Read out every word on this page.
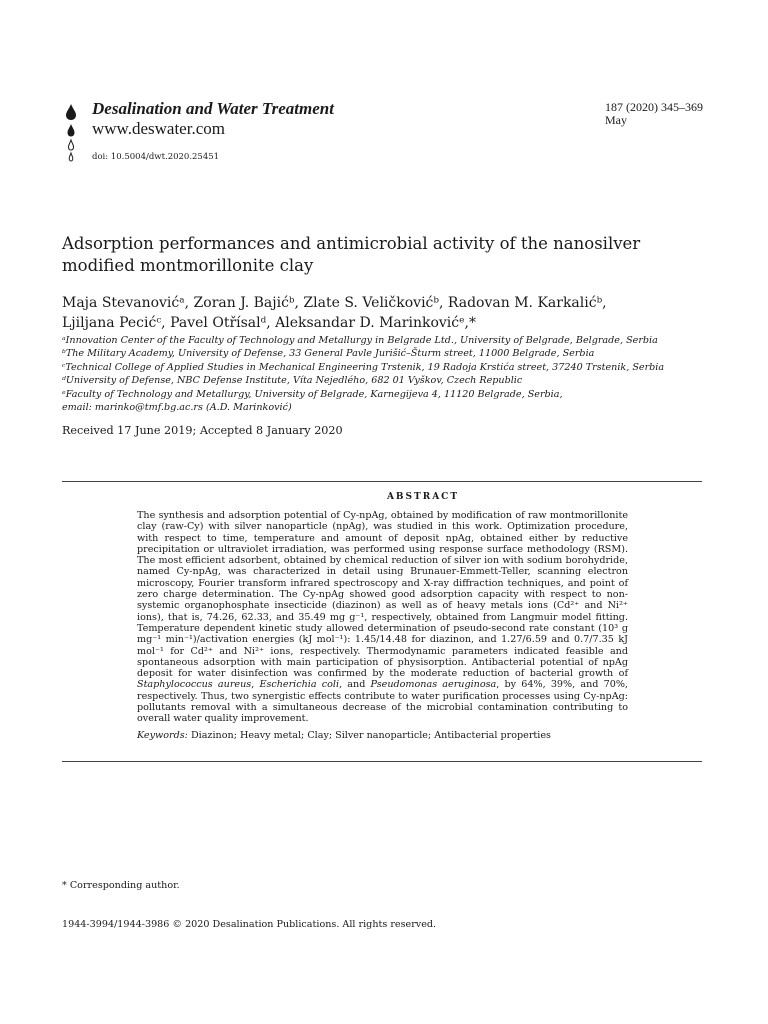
Desalination and Water Treatment
www.deswater.com
doi: 10.5004/dwt.2020.25451
187 (2020) 345–369
May
Adsorption performances and antimicrobial activity of the nanosilver
modified montmorillonite clay
Maja Stevanovićᵃ, Zoran J. Bajićᵇ, Zlate S. Veličkovićᵇ, Radovan M. Karkalićᵇ,
Ljiljana Pecićᶜ, Pavel Otřísalᵈ, Aleksandar D. Marinkovićᵉ,*
ᵃInnovation Center of the Faculty of Technology and Metallurgy in Belgrade Ltd., University of Belgrade, Belgrade, Serbia
ᵇThe Military Academy, University of Defense, 33 General Pavle Jurišić–Šturm street, 11000 Belgrade, Serbia
ᶜTechnical College of Applied Studies in Mechanical Engineering Trstenik, 19 Radoja Krstića street, 37240 Trstenik, Serbia
ᵈUniversity of Defense, NBC Defense Institute, Víta Nejedlého, 682 01 Vyškov, Czech Republic
ᵉFaculty of Technology and Metallurgy, University of Belgrade, Karnegijeva 4, 11120 Belgrade, Serbia,
email: marinko@tmf.bg.ac.rs (A.D. Marinković)
Received 17 June 2019; Accepted 8 January 2020
ABSTRACT
The synthesis and adsorption potential of Cy-npAg, obtained by modification of raw montmorillonite clay (raw-Cy) with silver nanoparticle (npAg), was studied in this work. Optimization procedure, with respect to time, temperature and amount of deposit npAg, obtained either by reductive precipitation or ultraviolet irradiation, was performed using response surface methodology (RSM). The most efficient adsorbent, obtained by chemical reduction of silver ion with sodium borohydride, named Cy-npAg, was characterized in detail using Brunauer-Emmett-Teller, scanning electron microscopy, Fourier transform infrared spectroscopy and X-ray diffraction techniques, and point of zero charge determination. The Cy-npAg showed good adsorption capacity with respect to non-systemic organophosphate insecticide (diazinon) as well as of heavy metals ions (Cd²⁺ and Ni²⁺ ions), that is, 74.26, 62.33, and 35.49 mg g⁻¹, respectively, obtained from Langmuir model fitting. Temperature dependent kinetic study allowed determination of pseudo-second rate constant (10³ g mg⁻¹ min⁻¹)/activation energies (kJ mol⁻¹): 1.45/14.48 for diazinon, and 1.27/6.59 and 0.7/7.35 kJ mol⁻¹ for Cd²⁺ and Ni²⁺ ions, respectively. Thermodynamic parameters indicated feasible and spontaneous adsorption with main participation of physisorption. Antibacterial potential of npAg deposit for water disinfection was confirmed by the moderate reduction of bacterial growth of Staphylococcus aureus, Escherichia coli, and Pseudomonas aeruginosa, by 64%, 39%, and 70%, respectively. Thus, two synergistic effects contribute to water purification processes using Cy-npAg: pollutants removal with a simultaneous decrease of the microbial contamination contributing to overall water quality improvement.
Keywords: Diazinon; Heavy metal; Clay; Silver nanoparticle; Antibacterial properties
* Corresponding author.
1944-3994/1944-3986 © 2020 Desalination Publications. All rights reserved.
